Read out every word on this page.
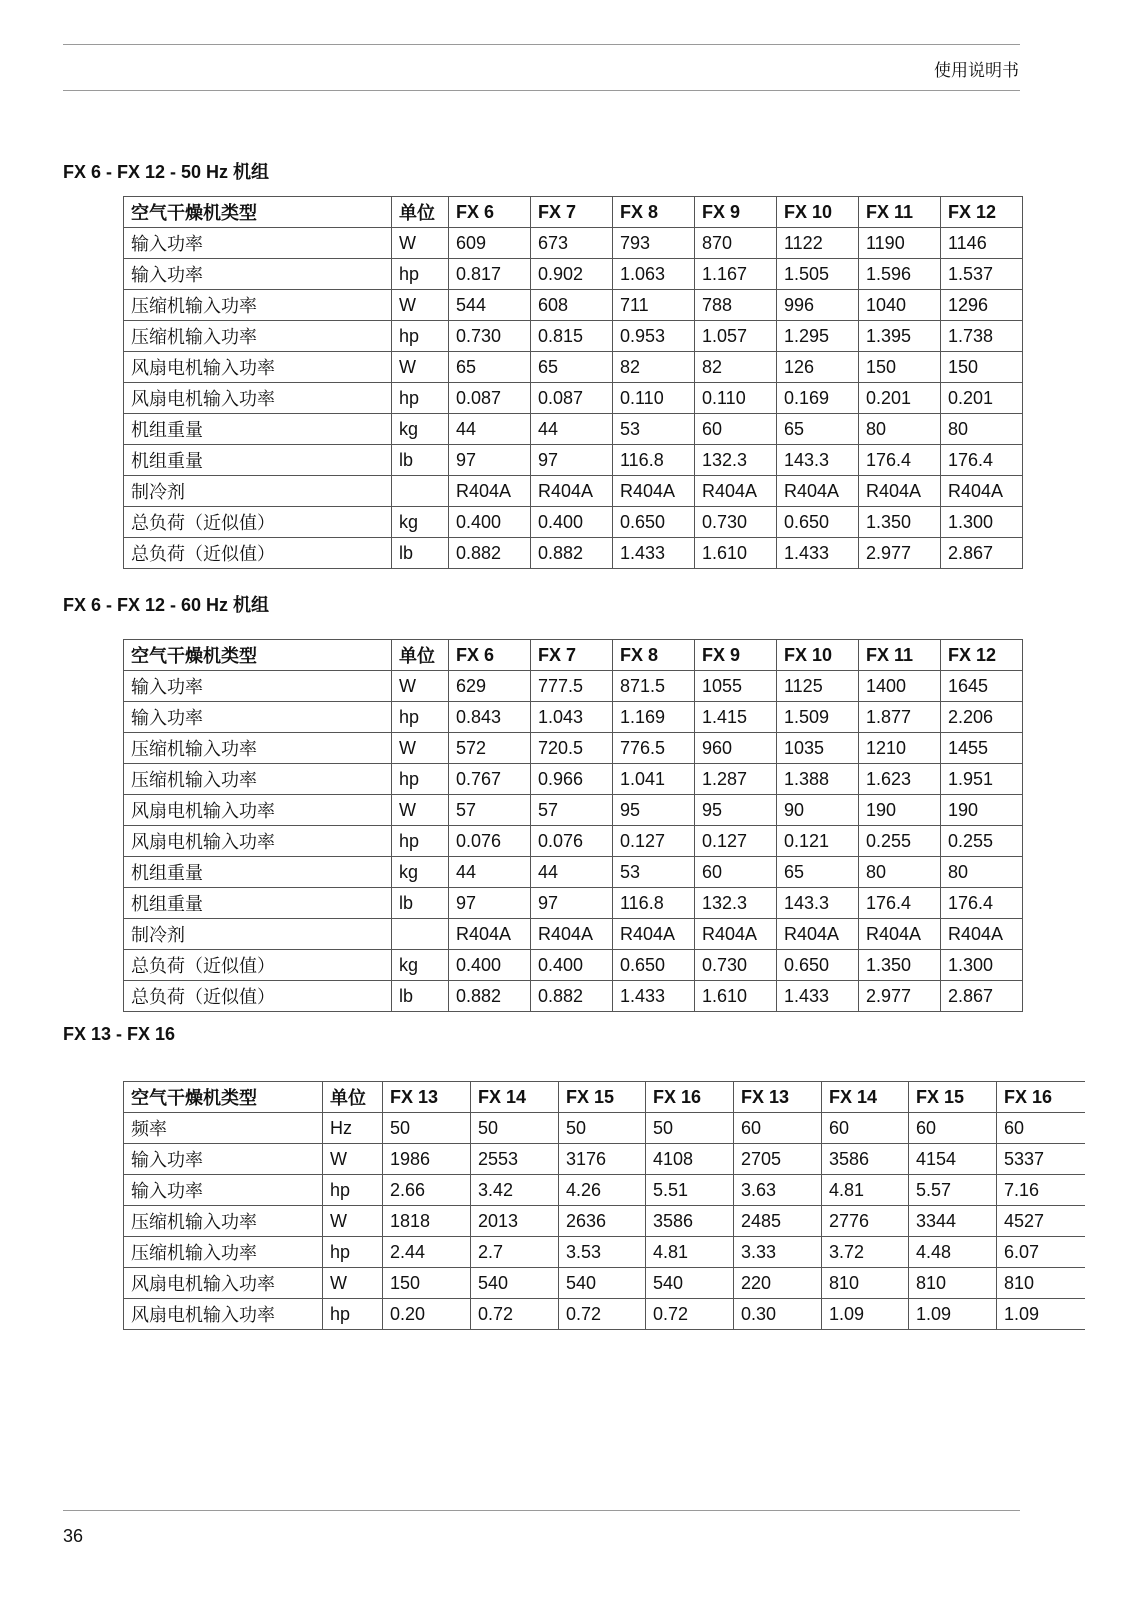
使用说明书
FX 6 - FX 12 - 50 Hz 机组
空气干燥机类型	单位	FX 6	FX 7	FX 8	FX 9	FX 10	FX 11	FX 12
输入功率	W	609	673	793	870	1122	1190	1146
输入功率	hp	0.817	0.902	1.063	1.167	1.505	1.596	1.537
压缩机输入功率	W	544	608	711	788	996	1040	1296
压缩机输入功率	hp	0.730	0.815	0.953	1.057	1.295	1.395	1.738
风扇电机输入功率	W	65	65	82	82	126	150	150
风扇电机输入功率	hp	0.087	0.087	0.110	0.110	0.169	0.201	0.201
机组重量	kg	44	44	53	60	65	80	80
机组重量	lb	97	97	116.8	132.3	143.3	176.4	176.4
制冷剂		R404A	R404A	R404A	R404A	R404A	R404A	R404A
总负荷（近似值）	kg	0.400	0.400	0.650	0.730	0.650	1.350	1.300
总负荷（近似值）	lb	0.882	0.882	1.433	1.610	1.433	2.977	2.867
FX 6 - FX 12 - 60 Hz 机组
空气干燥机类型	单位	FX 6	FX 7	FX 8	FX 9	FX 10	FX 11	FX 12
输入功率	W	629	777.5	871.5	1055	1125	1400	1645
输入功率	hp	0.843	1.043	1.169	1.415	1.509	1.877	2.206
压缩机输入功率	W	572	720.5	776.5	960	1035	1210	1455
压缩机输入功率	hp	0.767	0.966	1.041	1.287	1.388	1.623	1.951
风扇电机输入功率	W	57	57	95	95	90	190	190
风扇电机输入功率	hp	0.076	0.076	0.127	0.127	0.121	0.255	0.255
机组重量	kg	44	44	53	60	65	80	80
机组重量	lb	97	97	116.8	132.3	143.3	176.4	176.4
制冷剂		R404A	R404A	R404A	R404A	R404A	R404A	R404A
总负荷（近似值）	kg	0.400	0.400	0.650	0.730	0.650	1.350	1.300
总负荷（近似值）	lb	0.882	0.882	1.433	1.610	1.433	2.977	2.867
FX 13 - FX 16
空气干燥机类型	单位	FX 13	FX 14	FX 15	FX 16	FX 13	FX 14	FX 15	FX 16
频率	Hz	50	50	50	50	60	60	60	60
输入功率	W	1986	2553	3176	4108	2705	3586	4154	5337
输入功率	hp	2.66	3.42	4.26	5.51	3.63	4.81	5.57	7.16
压缩机输入功率	W	1818	2013	2636	3586	2485	2776	3344	4527
压缩机输入功率	hp	2.44	2.7	3.53	4.81	3.33	3.72	4.48	6.07
风扇电机输入功率	W	150	540	540	540	220	810	810	810
风扇电机输入功率	hp	0.20	0.72	0.72	0.72	0.30	1.09	1.09	1.09
36
